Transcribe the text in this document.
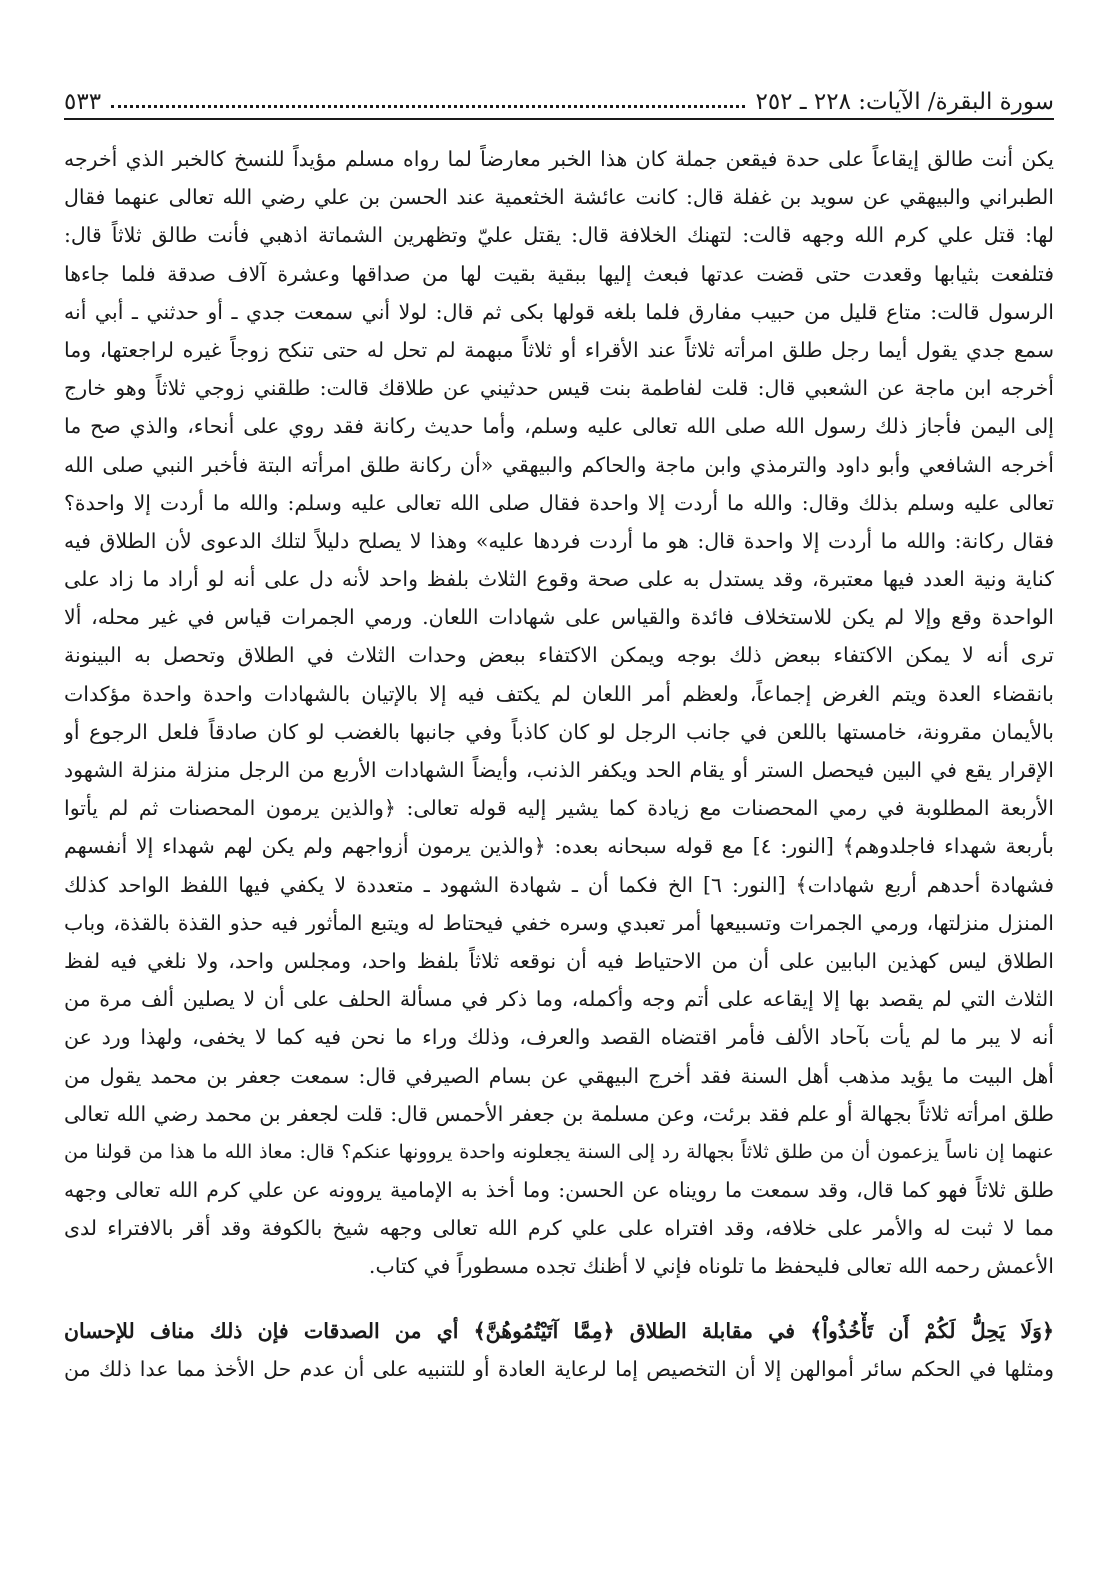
سورة البقرة/ الآيات: ٢٢٨ ـ ٢٥٢
٥٣٣
يكن أنت طالق إيقاعاً على حدة فيقعن جملة كان هذا الخبر معارضاً لما رواه مسلم مؤيداً للنسخ كالخبر الذي أخرجه
الطبراني والبيهقي عن سويد بن غفلة قال: كانت عائشة الخثعمية عند الحسن بن علي رضي الله تعالى عنهما فقال
لها: قتل علي كرم الله وجهه قالت: لتهنك الخلافة قال: يقتل عليّ وتظهرين الشماتة اذهبي فأنت طالق ثلاثاً قال:
فتلفعت بثيابها وقعدت حتى قضت عدتها فبعث إليها ببقية بقيت لها من صداقها وعشرة آلاف صدقة فلما جاءها
الرسول قالت: متاع قليل من حبيب مفارق فلما بلغه قولها بكى ثم قال: لولا أني سمعت جدي ـ أو حدثني ـ أبي أنه
سمع جدي يقول أيما رجل طلق امرأته ثلاثاً عند الأقراء أو ثلاثاً مبهمة لم تحل له حتى تنكح زوجاً غيره لراجعتها، وما
أخرجه ابن ماجة عن الشعبي قال: قلت لفاطمة بنت قيس حدثيني عن طلاقك قالت: طلقني زوجي ثلاثاً وهو خارج
إلى اليمن فأجاز ذلك رسول الله صلى الله تعالى عليه وسلم، وأما حديث ركانة فقد روي على أنحاء، والذي صح ما
أخرجه الشافعي وأبو داود والترمذي وابن ماجة والحاكم والبيهقي «أن ركانة طلق امرأته البتة فأخبر النبي صلى الله
تعالى عليه وسلم بذلك وقال: والله ما أردت إلا واحدة فقال صلى الله تعالى عليه وسلم: والله ما أردت إلا واحدة؟
فقال ركانة: والله ما أردت إلا واحدة قال: هو ما أردت فردها عليه» وهذا لا يصلح دليلاً لتلك الدعوى لأن الطلاق فيه
كناية ونية العدد فيها معتبرة، وقد يستدل به على صحة وقوع الثلاث بلفظ واحد لأنه دل على أنه لو أراد ما زاد على
الواحدة وقع وإلا لم يكن للاستخلاف فائدة والقياس على شهادات اللعان. ورمي الجمرات قياس في غير محله، ألا
ترى أنه لا يمكن الاكتفاء ببعض ذلك بوجه ويمكن الاكتفاء ببعض وحدات الثلاث في الطلاق وتحصل به البينونة
بانقضاء العدة ويتم الغرض إجماعاً، ولعظم أمر اللعان لم يكتف فيه إلا بالإتيان بالشهادات واحدة واحدة مؤكدات
بالأيمان مقرونة، خامستها باللعن في جانب الرجل لو كان كاذباً وفي جانبها بالغضب لو كان صادقاً فلعل الرجوع أو
الإقرار يقع في البين فيحصل الستر أو يقام الحد ويكفر الذنب، وأيضاً الشهادات الأربع من الرجل منزلة منزلة الشهود
الأربعة المطلوبة في رمي المحصنات مع زيادة كما يشير إليه قوله تعالى: ﴿والذين يرمون المحصنات ثم لم يأتوا
بأربعة شهداء فاجلدوهم﴾ [النور: ٤] مع قوله سبحانه بعده: ﴿والذين يرمون أزواجهم ولم يكن لهم شهداء إلا أنفسهم
فشهادة أحدهم أربع شهادات﴾ [النور: ٦] الخ فكما أن ـ شهادة الشهود ـ متعددة لا يكفي فيها اللفظ الواحد كذلك
المنزل منزلتها، ورمي الجمرات وتسبيعها أمر تعبدي وسره خفي فيحتاط له ويتبع المأثور فيه حذو القذة بالقذة، وباب
الطلاق ليس كهذين البابين على أن من الاحتياط فيه أن نوقعه ثلاثاً بلفظ واحد، ومجلس واحد، ولا نلغي فيه لفظ
الثلاث التي لم يقصد بها إلا إيقاعه على أتم وجه وأكمله، وما ذكر في مسألة الحلف على أن لا يصلين ألف مرة من
أنه لا يبر ما لم يأت بآحاد الألف فأمر اقتضاه القصد والعرف، وذلك وراء ما نحن فيه كما لا يخفى، ولهذا ورد عن
أهل البيت ما يؤيد مذهب أهل السنة فقد أخرج البيهقي عن بسام الصيرفي قال: سمعت جعفر بن محمد يقول من
طلق امرأته ثلاثاً بجهالة أو علم فقد برئت، وعن مسلمة بن جعفر الأحمس قال: قلت لجعفر بن محمد رضي الله تعالى
عنهما إن ناساً يزعمون أن من طلق ثلاثاً بجهالة رد إلى السنة يجعلونه واحدة يروونها عنكم؟ قال: معاذ الله ما هذا من قولنا من
طلق ثلاثاً فهو كما قال، وقد سمعت ما رويناه عن الحسن: وما أخذ به الإمامية يروونه عن علي كرم الله تعالى وجهه
مما لا ثبت له والأمر على خلافه، وقد افتراه على علي كرم الله تعالى وجهه شيخ بالكوفة وقد أقر بالافتراء لدى
الأعمش رحمه الله تعالى فليحفظ ما تلوناه فإني لا أظنك تجده مسطوراً في كتاب.
﴿وَلَا يَحِلُّ لَكُمْ أَن تَأْخُذُواْ﴾ في مقابلة الطلاق ﴿مِمَّا آتَيْتُمُوهُنَّ﴾ أي من الصدقات فإن ذلك مناف للإحسان
ومثلها في الحكم سائر أموالهن إلا أن التخصيص إما لرعاية العادة أو للتنبيه على أن عدم حل الأخذ مما عدا ذلك من
